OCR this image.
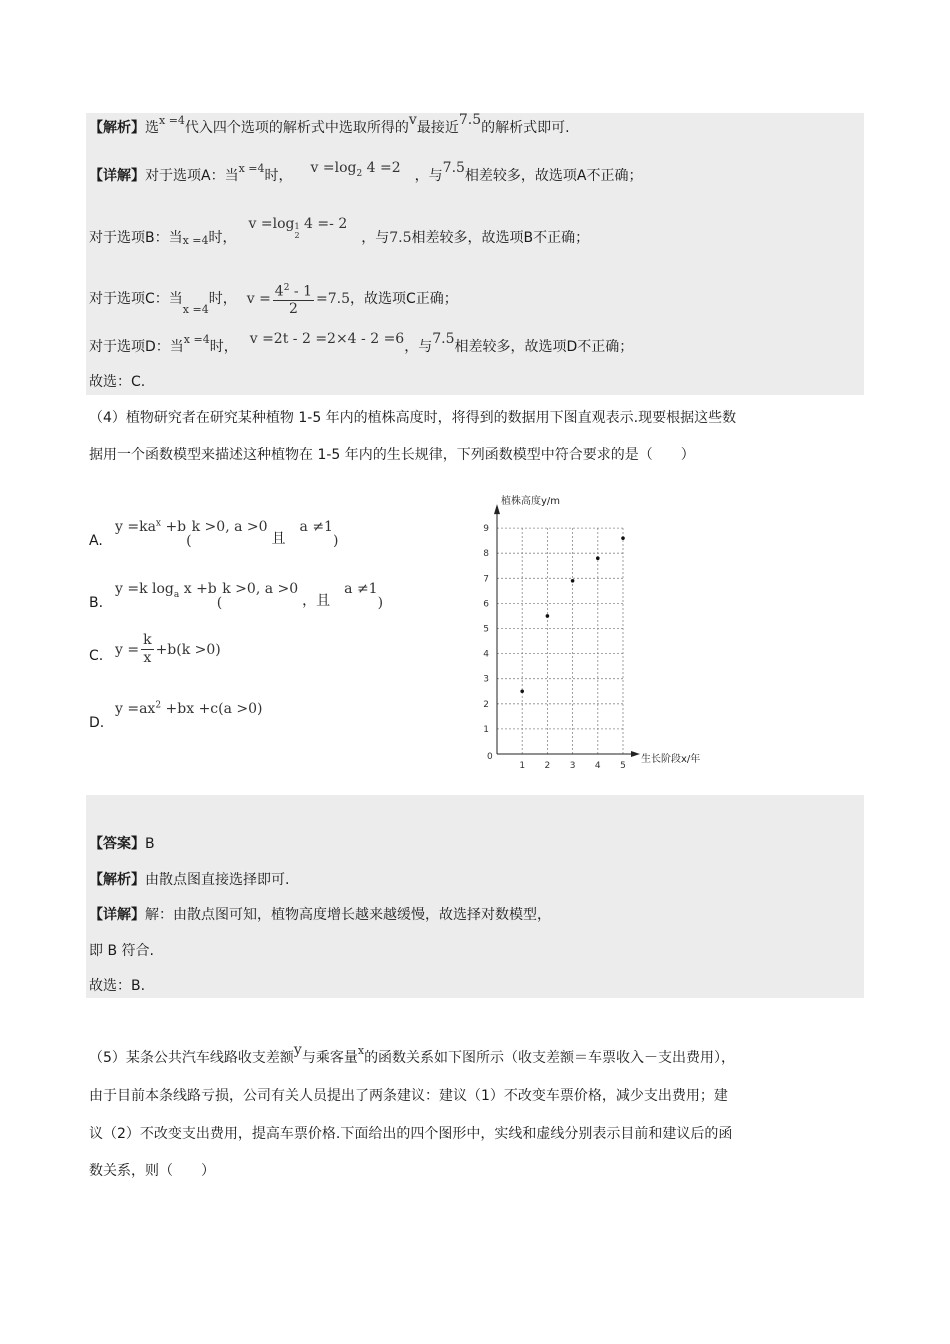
【解析】选$^{x =4}$代入四个选项的解析式中选取所得的v最接近7.5的解析式即可.
【详解】对于选项A：当$^{x =4}$时， $v =\log_2$ 4 =2 ，与7.5相差较多，故选项A不正确；
对于选项B：当x =4时，v =log 1
2
4 =- 2，与7.5相差较多，故选项B不正确；
对于选项C：当$_{x =4}$时， $v = \frac{4^2 - 1}{2} =7.5$，故选项C正确；
对于选项D：当$^{x =4}$时， v =2t - 2 =2×4 - 2 =6，与7.5相差较多，故选项D不正确；
故选：C.
（4）植物研究者在研究某种植物 1-5 年内的植株高度时，将得到的数据用下图直观表示.现要根据这些数
据用一个函数模型来描述这种植物在 1-5 年内的生长规律，下列函数模型中符合要求的是（　　）
$A.y =ka^x +b(k >0$, a >0且a ≠1)
B.y =k $\log_a x +b(k >0$, a >0，且a ≠1)
C. $y = \frac{k}{x} +b(k >0)$
$D.y =ax^2 +bx +c(a >0)$
1 2 3 4 5
1
2
3
4
5
6
7
8
9
植株高度y/m
生长阶段x/年
0
【答案】B
【解析】由散点图直接选择即可.
【详解】解：由散点图可知，植物高度增长越来越缓慢，故选择对数模型，
即 B 符合.
故选：B.
（5）某条公共汽车线路收支差额y与乘客量$^x$的函数关系如下图所示（收支差额＝车票收入－支出费用），
由于目前本条线路亏损，公司有关人员提出了两条建议：建议（1）不改变车票价格，减少支出费用；建
议（2）不改变支出费用，提高车票价格.下面给出的四个图形中，实线和虚线分别表示目前和建议后的函
数关系，则（　　）
